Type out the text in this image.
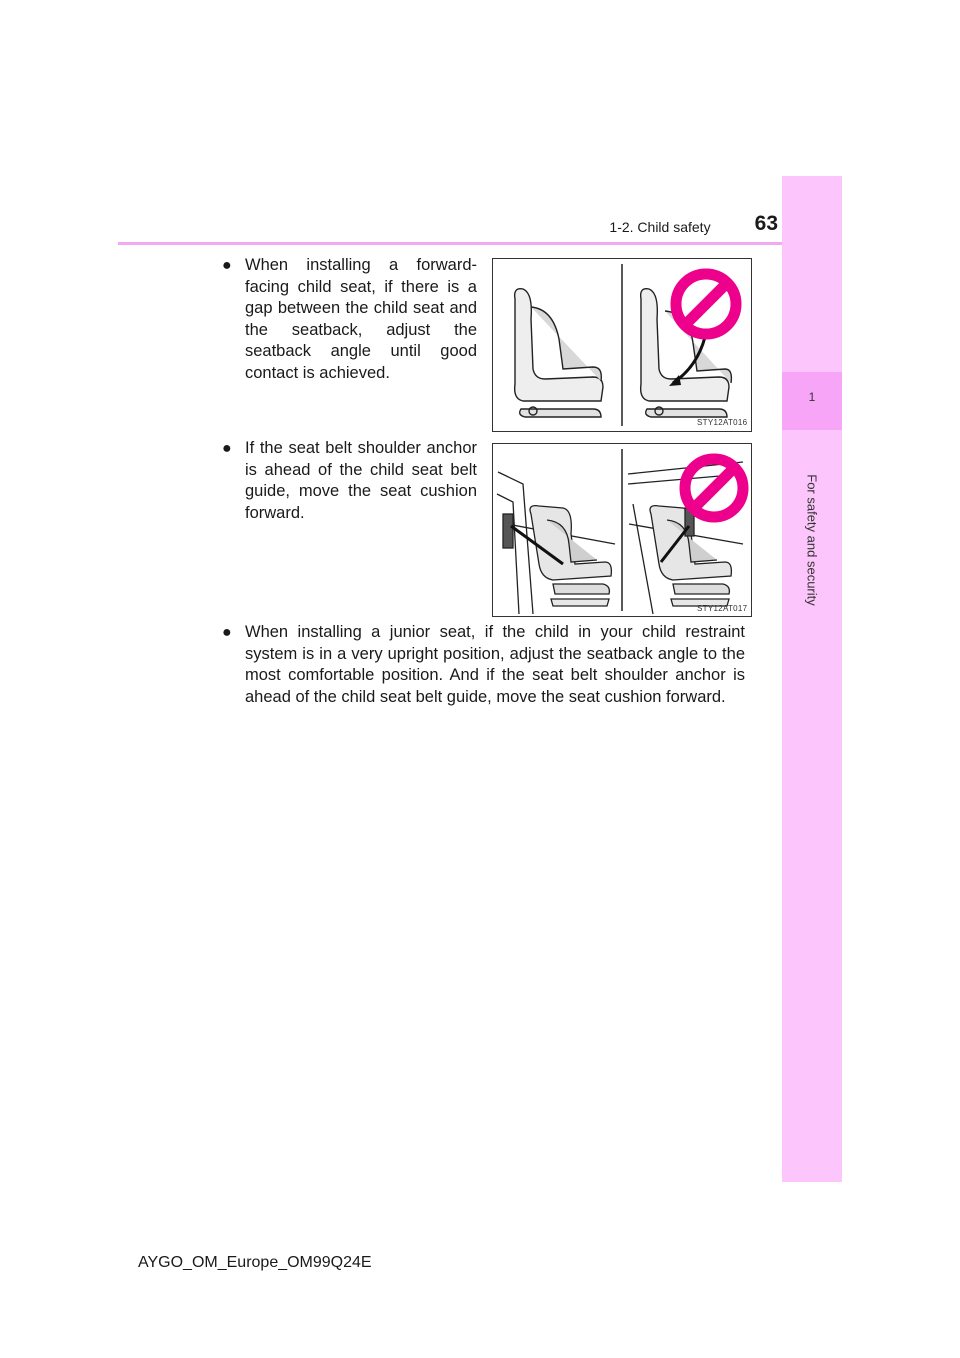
1-2. Child safety	63
1
For safety and security
● When installing a forward-facing child seat, if there is a gap between the child seat and the seatback, adjust the seatback angle until good contact is achieved.
STY12AT016
● If the seat belt shoulder anchor is ahead of the child seat belt guide, move the seat cushion forward.
STY12AT017
● When installing a junior seat, if the child in your child restraint system is in a very upright position, adjust the seatback angle to the most comfortable position. And if the seat belt shoulder anchor is ahead of the child seat belt guide, move the seat cushion forward.
AYGO_OM_Europe_OM99Q24E
